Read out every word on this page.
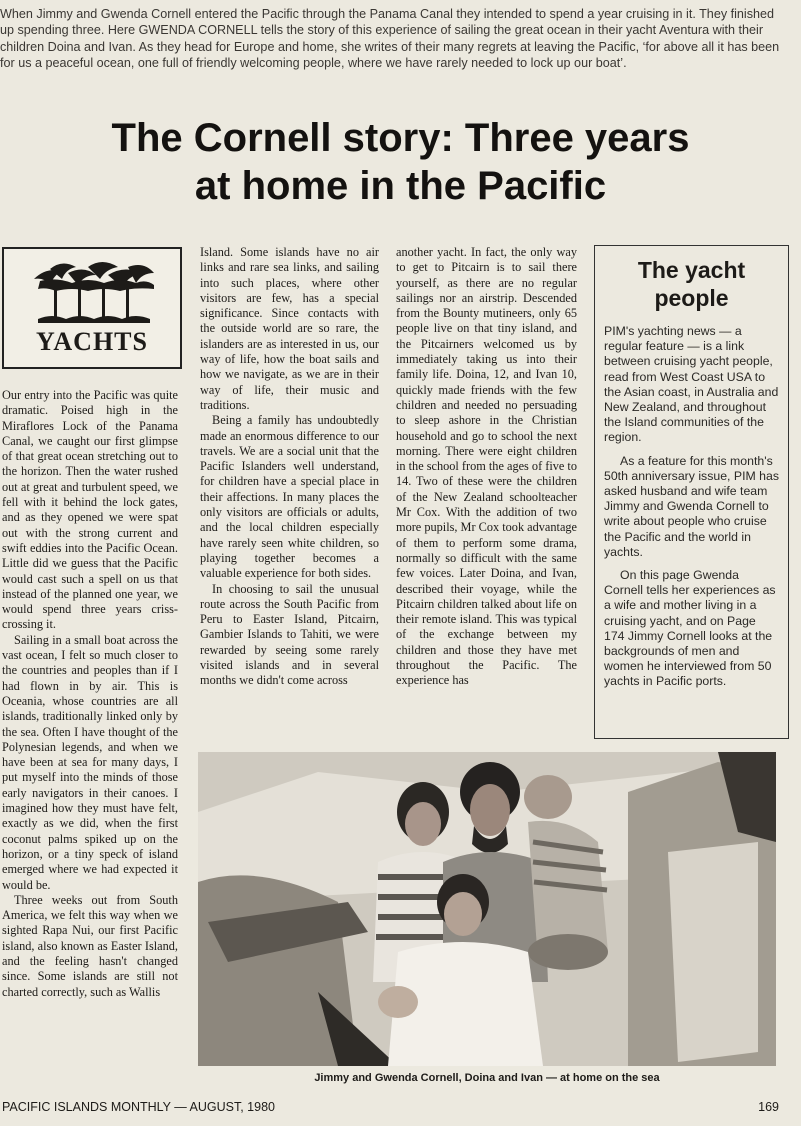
When Jimmy and Gwenda Cornell entered the Pacific through the Panama Canal they intended to spend a year cruising in it. They finished up spending three. Here GWENDA CORNELL tells the story of this experience of sailing the great ocean in their yacht Aventura with their children Doina and Ivan. As they head for Europe and home, she writes of their many regrets at leaving the Pacific, ‘for above all it has been for us a peaceful ocean, one full of friendly welcoming people, where we have rarely needed to lock up our boat’.

The Cornell story: Three years
at home in the Pacific
YACHTS

Our entry into the Pacific was quite dramatic. Poised high in the Miraflores Lock of the Panama Canal, we caught our first glimpse of that great ocean stretching out to the horizon. Then the water rushed out at great and turbulent speed, we fell with it behind the lock gates, and as they opened we were spat out with the strong current and swift eddies into the Pacific Ocean. Little did we guess that the Pacific would cast such a spell on us that instead of the planned one year, we would spend three years criss-crossing it.

Sailing in a small boat across the vast ocean, I felt so much closer to the countries and peoples than if I had flown in by air. This is Oceania, whose countries are all islands, traditionally linked only by the sea. Often I have thought of the Polynesian legends, and when we have been at sea for many days, I put myself into the minds of those early navigators in their canoes. I imagined how they must have felt, exactly as we did, when the first coconut palms spiked up on the horizon, or a tiny speck of island emerged where we had expected it would be.

Three weeks out from South America, we felt this way when we sighted Rapa Nui, our first Pacific island, also known as Easter Island, and the feeling hasn't changed since. Some islands are still not charted correctly, such as Wallis

Island. Some islands have no air links and rare sea links, and sailing into such places, where other visitors are few, has a special significance. Since contacts with the outside world are so rare, the islanders are as interested in us, our way of life, how the boat sails and how we navigate, as we are in their way of life, their music and traditions.

Being a family has undoubtedly made an enormous difference to our travels. We are a social unit that the Pacific Islanders well understand, for children have a special place in their affections. In many places the only visitors are officials or adults, and the local children especially have rarely seen white children, so playing together becomes a valuable experience for both sides.

In choosing to sail the unusual route across the South Pacific from Peru to Easter Island, Pitcairn, Gambier Islands to Tahiti, we were rewarded by seeing some rarely visited islands and in several months we didn't come across

another yacht. In fact, the only way to get to Pitcairn is to sail there yourself, as there are no regular sailings nor an airstrip. Descended from the Bounty mutineers, only 65 people live on that tiny island, and the Pitcairners welcomed us by immediately taking us into their family life. Doina, 12, and Ivan 10, quickly made friends with the few children and needed no persuading to sleep ashore in the Christian household and go to school the next morning. There were eight children in the school from the ages of five to 14. Two of these were the children of the New Zealand schoolteacher Mr Cox. With the addition of two more pupils, Mr Cox took advantage of them to perform some drama, normally so difficult with the same few voices. Later Doina, and Ivan, described their voyage, while the Pitcairn children talked about life on their remote island. This was typical of the exchange between my children and those they have met throughout the Pacific. The experience has

The yacht people

PIM's yachting news — a regular feature — is a link between cruising yacht people, read from West Coast USA to the Asian coast, in Australia and New Zealand, and throughout the Island communities of the region.

As a feature for this month's 50th anniversary issue, PIM has asked husband and wife team Jimmy and Gwenda Cornell to write about people who cruise the Pacific and the world in yachts.

On this page Gwenda Cornell tells her experiences as a wife and mother living in a cruising yacht, and on Page 174 Jimmy Cornell looks at the backgrounds of men and women he interviewed from 50 yachts in Pacific ports.

Jimmy and Gwenda Cornell, Doina and Ivan — at home on the sea

PACIFIC ISLANDS MONTHLY — AUGUST, 1980	169
